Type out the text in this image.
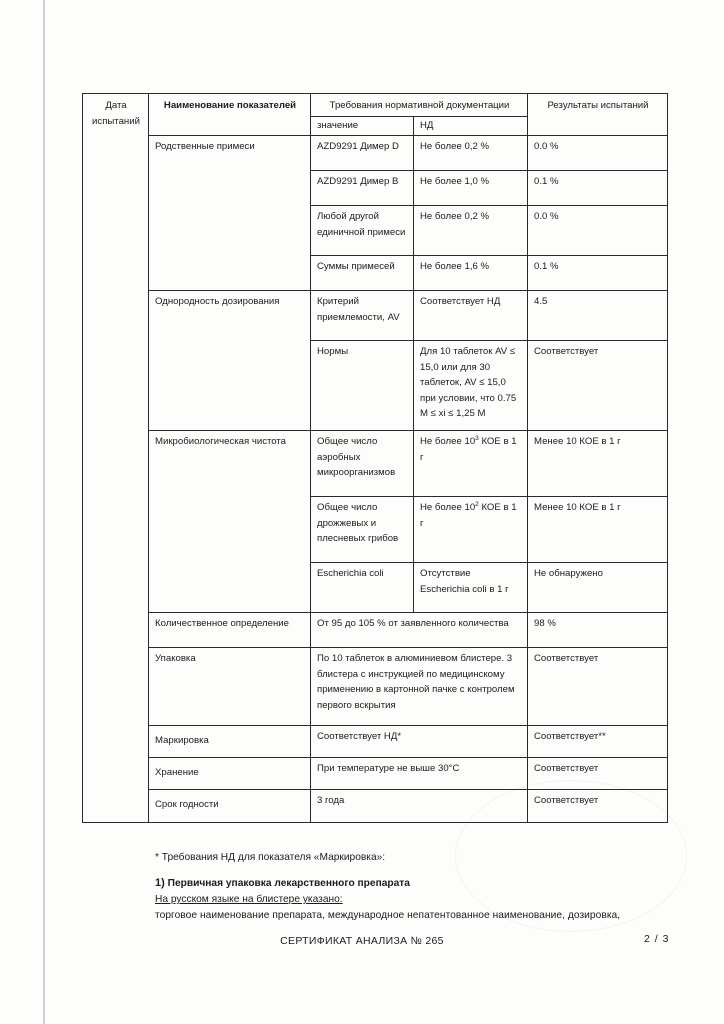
Дата испытаний	Наименование показателей	Требования нормативной документации		Результаты испытаний
		значение	НД	
	Родственные примеси	AZD9291 Димер D	Не более 0,2 %	0.0 %
		AZD9291 Димер B	Не более 1,0 %	0.1 %
		Любой другой единичной примеси	Не более 0,2 %	0.0 %
		Суммы примесей	Не более 1,6 %	0.1 %
	Однородность дозирования	Критерий приемлемости, AV	Соответствует НД	4.5
		Нормы	Для 10 таблеток AV ≤ 15,0 или для 30 таблеток, AV ≤ 15,0 при условии, что 0.75 M ≤ xi ≤ 1,25 M	Соответствует
	Микробиологическая чистота	Общее число аэробных микроорганизмов	Не более $10^3$ КОЕ в 1 г	Менее 10 КОЕ в 1 г
		Общее число дрожжевых и плесневых грибов	Не более $10^2$ КОЕ в 1 г	Менее 10 КОЕ в 1 г
		Escherichia coli	Отсутствие Escherichia coli в 1 г	Не обнаружено
	Количественное определение	От 95 до 105 % от заявленного количества		98 %
	Упаковка	По 10 таблеток в алюминиевом блистере. 3 блистера с инструкцией по медицинскому применению в картонной пачке с контролем первого вскрытия		Соответствует
	Маркировка	Соответствует НД*		Соответствует**
	Хранение	При температуре не выше 30°C		Соответствует
	Срок годности	3 года		Соответствует
* Требования НД для показателя «Маркировка»:
1) Первичная упаковка лекарственного препарата
На русском языке на блистере указано:
торговое наименование препарата, международное непатентованное наименование, дозировка,
СЕРТИФИКАТ АНАЛИЗА № 265	2 / 3
